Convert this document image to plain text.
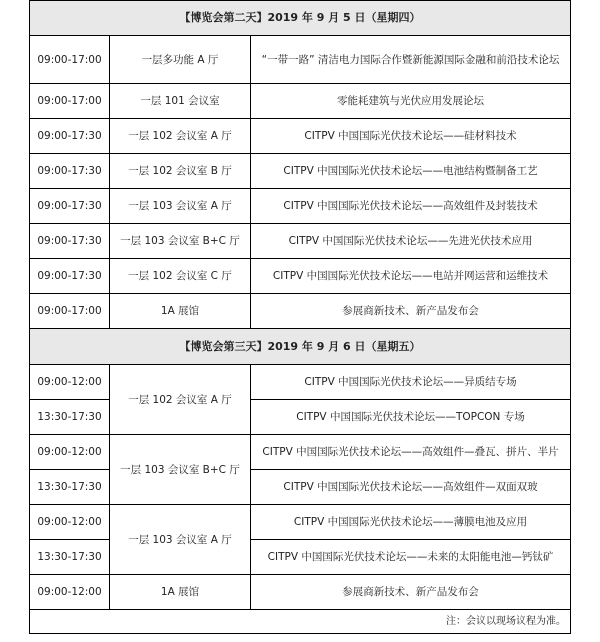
【博览会第二天】2019 年 9 月 5 日（星期四）		
09:00-17:00	一层多功能 A 厅	“一带一路” 清洁电力国际合作暨新能源国际金融和前沿技术论坛
09:00-17:00	一层 101 会议室	零能耗建筑与光伏应用发展论坛
09:00-17:30	一层 102 会议室 A 厅	CITPV 中国国际光伏技术论坛——硅材料技术
09:00-17:30	一层 102 会议室 B 厅	CITPV 中国国际光伏技术论坛——电池结构暨制备工艺
09:00-17:30	一层 103 会议室 A 厅	CITPV 中国国际光伏技术论坛——高效组件及封装技术
09:00-17:30	一层 103 会议室 B+C 厅	CITPV 中国国际光伏技术论坛——先进光伏技术应用
09:00-17:30	一层 102 会议室 C 厅	CITPV 中国国际光伏技术论坛——电站并网运营和运维技术
09:00-17:00	1A 展馆	参展商新技术、新产品发布会
【博览会第三天】2019 年 9 月 6 日（星期五）		
09:00-12:00	一层 102 会议室 A 厅	CITPV 中国国际光伏技术论坛——异质结专场
13:30-17:30		CITPV 中国国际光伏技术论坛——TOPCON 专场
09:00-12:00	一层 103 会议室 B+C 厅	CITPV 中国国际光伏技术论坛——高效组件—叠瓦、拼片、半片
13:30-17:30		CITPV 中国国际光伏技术论坛——高效组件—双面双玻
09:00-12:00	一层 103 会议室 A 厅	CITPV 中国国际光伏技术论坛——薄膜电池及应用
13:30-17:30		CITPV 中国国际光伏技术论坛——未来的太阳能电池—钙钛矿
09:00-12:00	1A 展馆	参展商新技术、新产品发布会
注：会议以现场议程为准。		
